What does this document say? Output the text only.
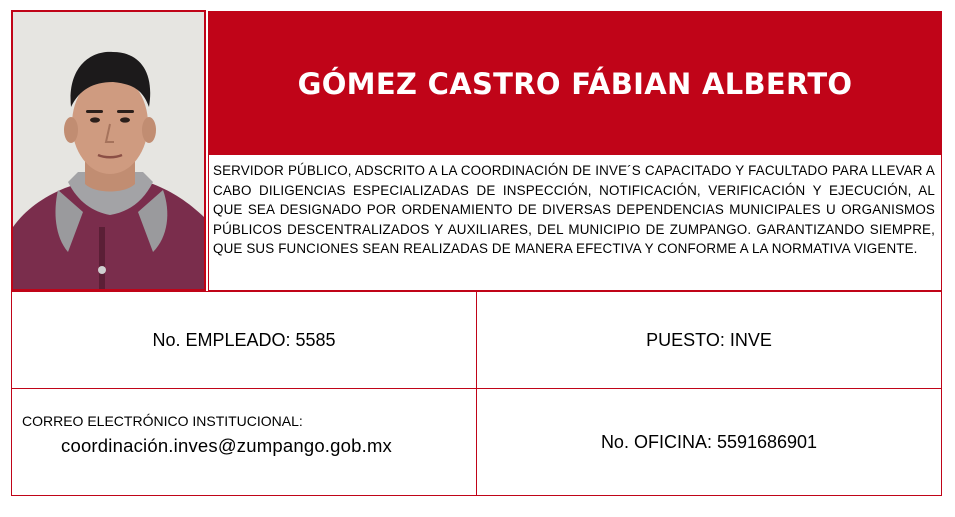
GÓMEZ CASTRO FÁBIAN ALBERTO

SERVIDOR PÚBLICO, ADSCRITO A LA COORDINACIÓN DE INVE´S CAPACITADO Y FACULTADO PARA LLEVAR A CABO DILIGENCIAS ESPECIALIZADAS DE INSPECCIÓN, NOTIFICACIÓN, VERIFICACIÓN Y EJECUCIÓN, AL QUE SEA DESIGNADO POR ORDENAMIENTO DE DIVERSAS DEPENDENCIAS MUNICIPALES U ORGANISMOS PÚBLICOS DESCENTRALIZADOS Y AUXILIARES, DEL MUNICIPIO DE ZUMPANGO. GARANTIZANDO SIEMPRE, QUE SUS FUNCIONES SEAN REALIZADAS DE MANERA EFECTIVA Y CONFORME A LA NORMATIVA VIGENTE.

No. EMPLEADO: 5585	PUESTO: INVE
CORREO ELECTRÓNICO INSTITUCIONAL:
coordinación.inves@zumpango.gob.mx	No. OFICINA: 5591686901
